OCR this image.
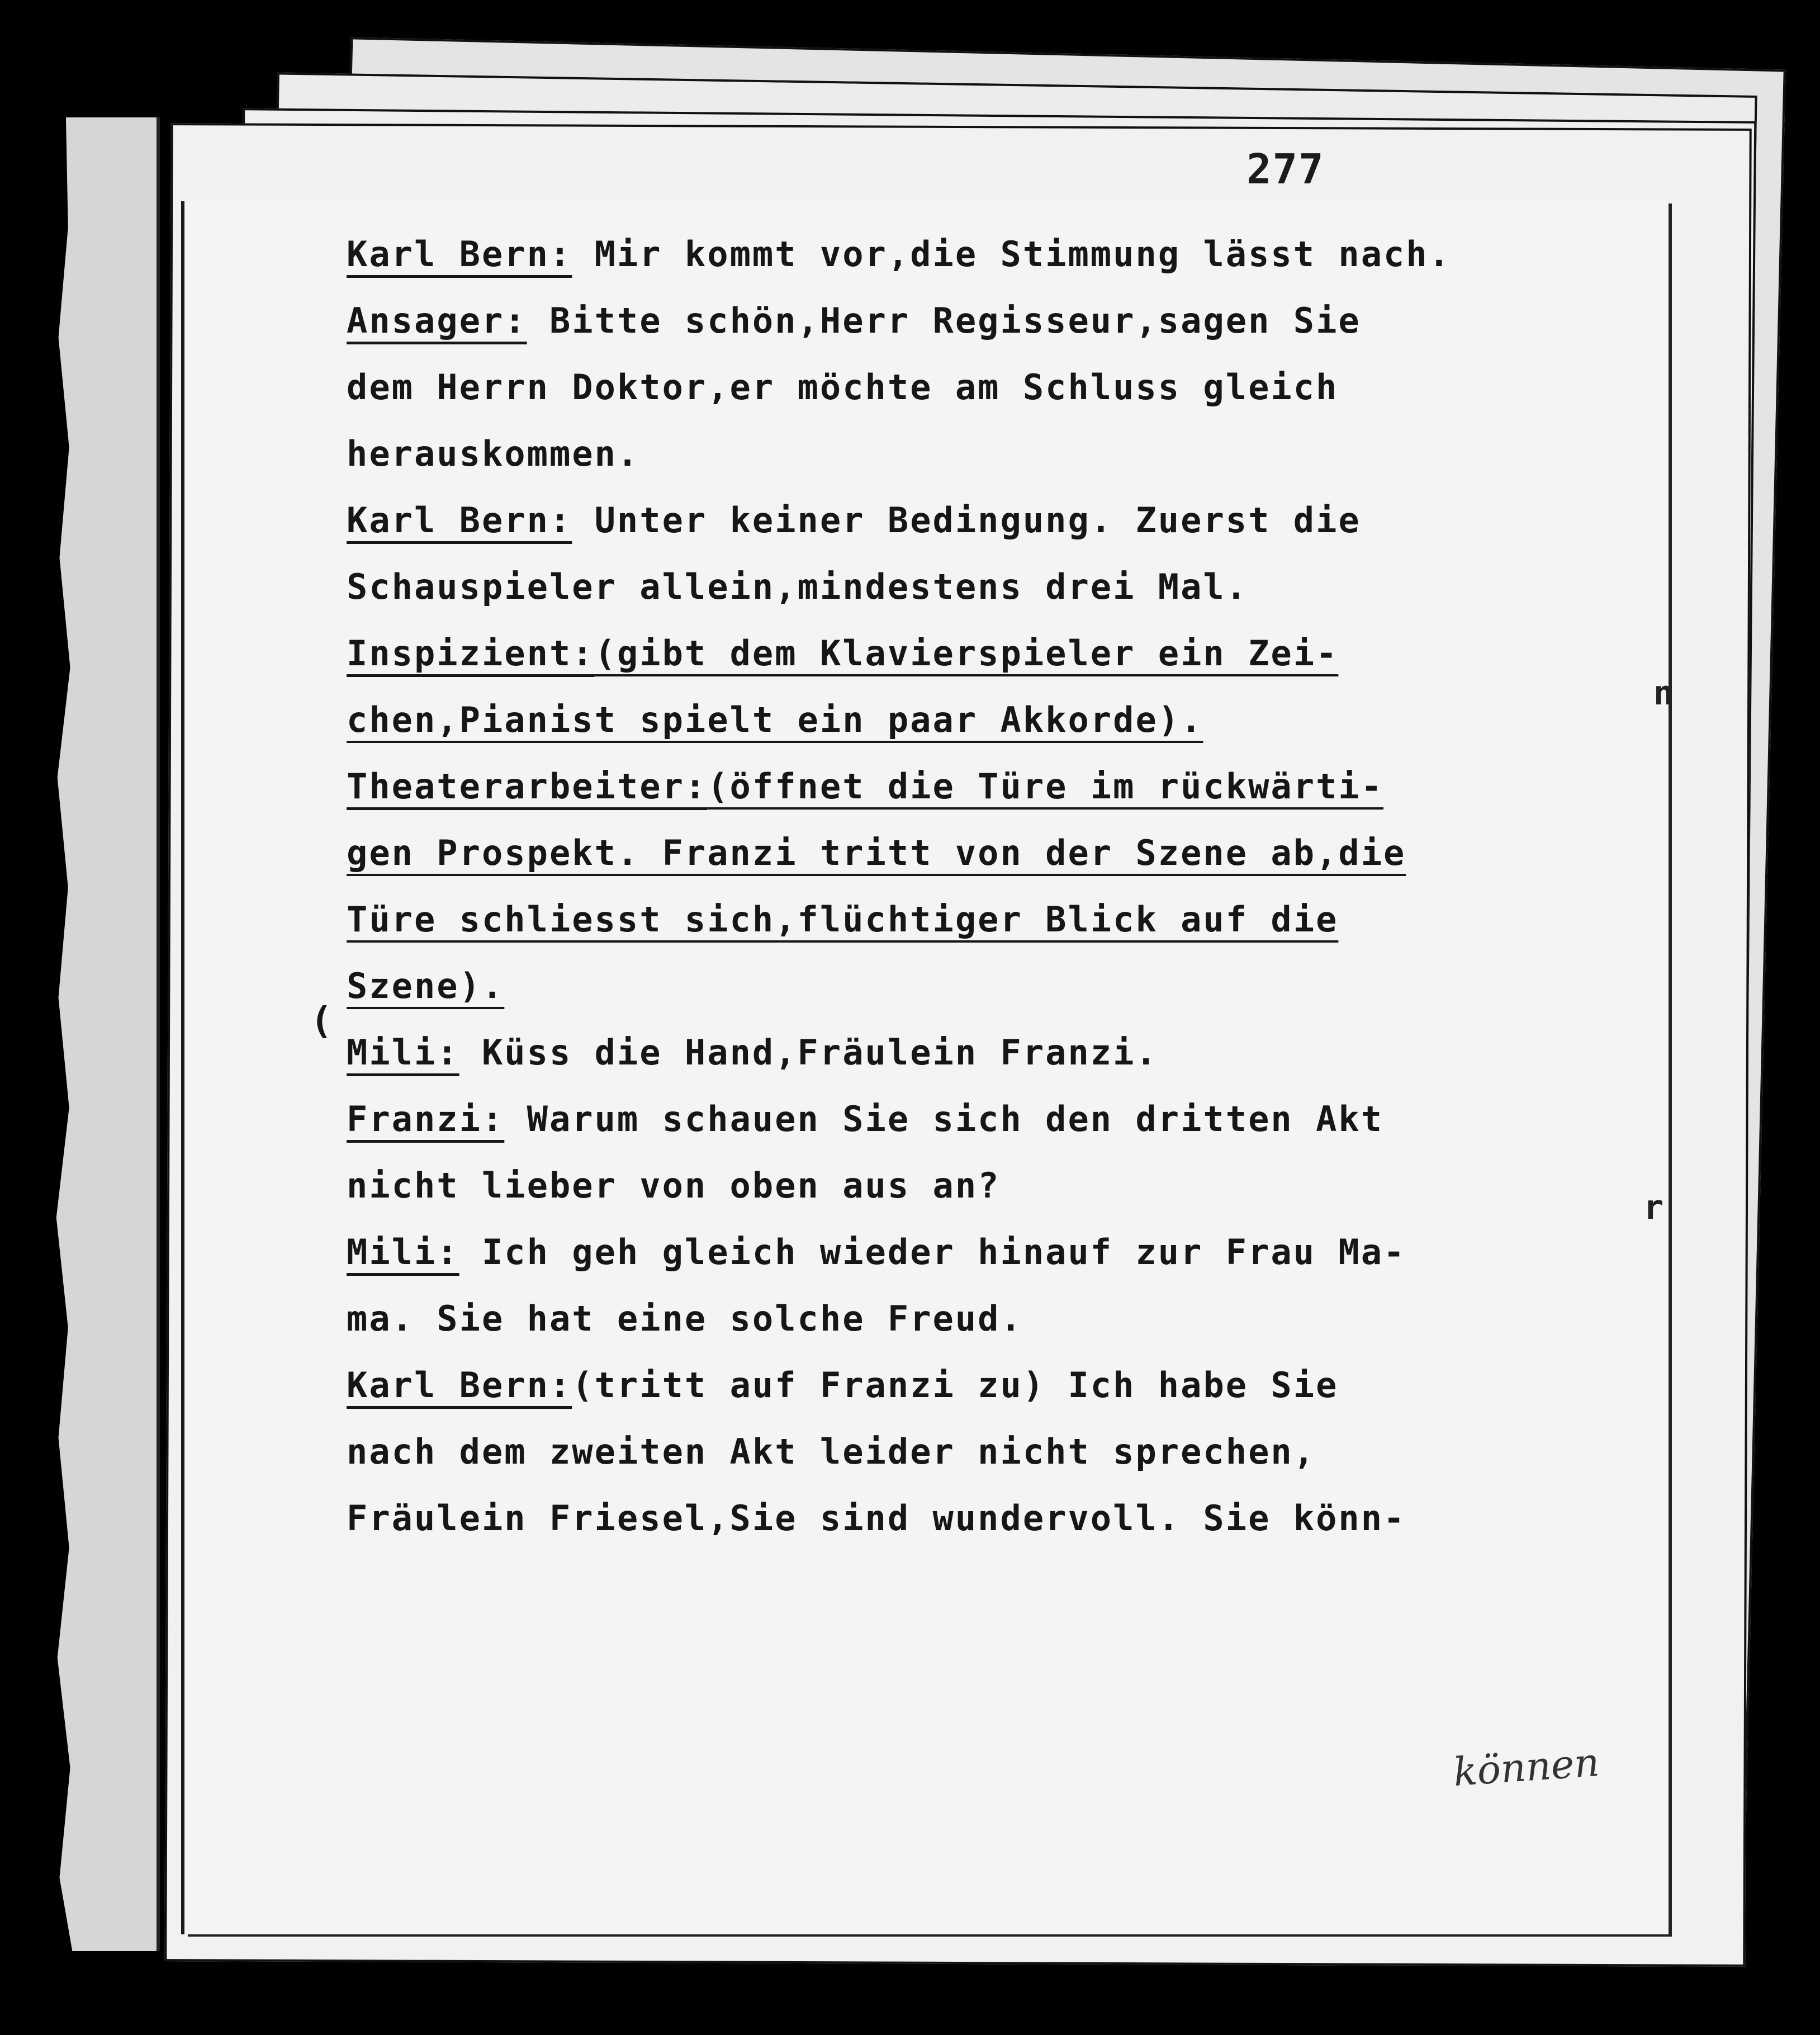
277
(
Karl Bern: Mir kommt vor,die Stimmung lässt nach.
Ansager: Bitte schön,Herr Regisseur,sagen Sie
dem Herrn Doktor,er möchte am Schluss gleich
herauskommen.
Karl Bern: Unter keiner Bedingung. Zuerst die
Schauspieler allein,mindestens drei Mal.
Inspizient:(gibt dem Klavierspieler ein Zei-
chen,Pianist spielt ein paar Akkorde).
Theaterarbeiter:(öffnet die Türe im rückwärti-
gen Prospekt. Franzi tritt von der Szene ab,die
Türe schliesst sich,flüchtiger Blick auf die
Szene).
Mili: Küss die Hand,Fräulein Franzi.
Franzi: Warum schauen Sie sich den dritten Akt
nicht lieber von oben aus an?
Mili: Ich geh gleich wieder hinauf zur Frau Ma-
ma. Sie hat eine solche Freud.
Karl Bern:(tritt auf Franzi zu) Ich habe Sie
nach dem zweiten Akt leider nicht sprechen,
Fräulein Friesel,Sie sind wundervoll. Sie könn-
können
n
r
